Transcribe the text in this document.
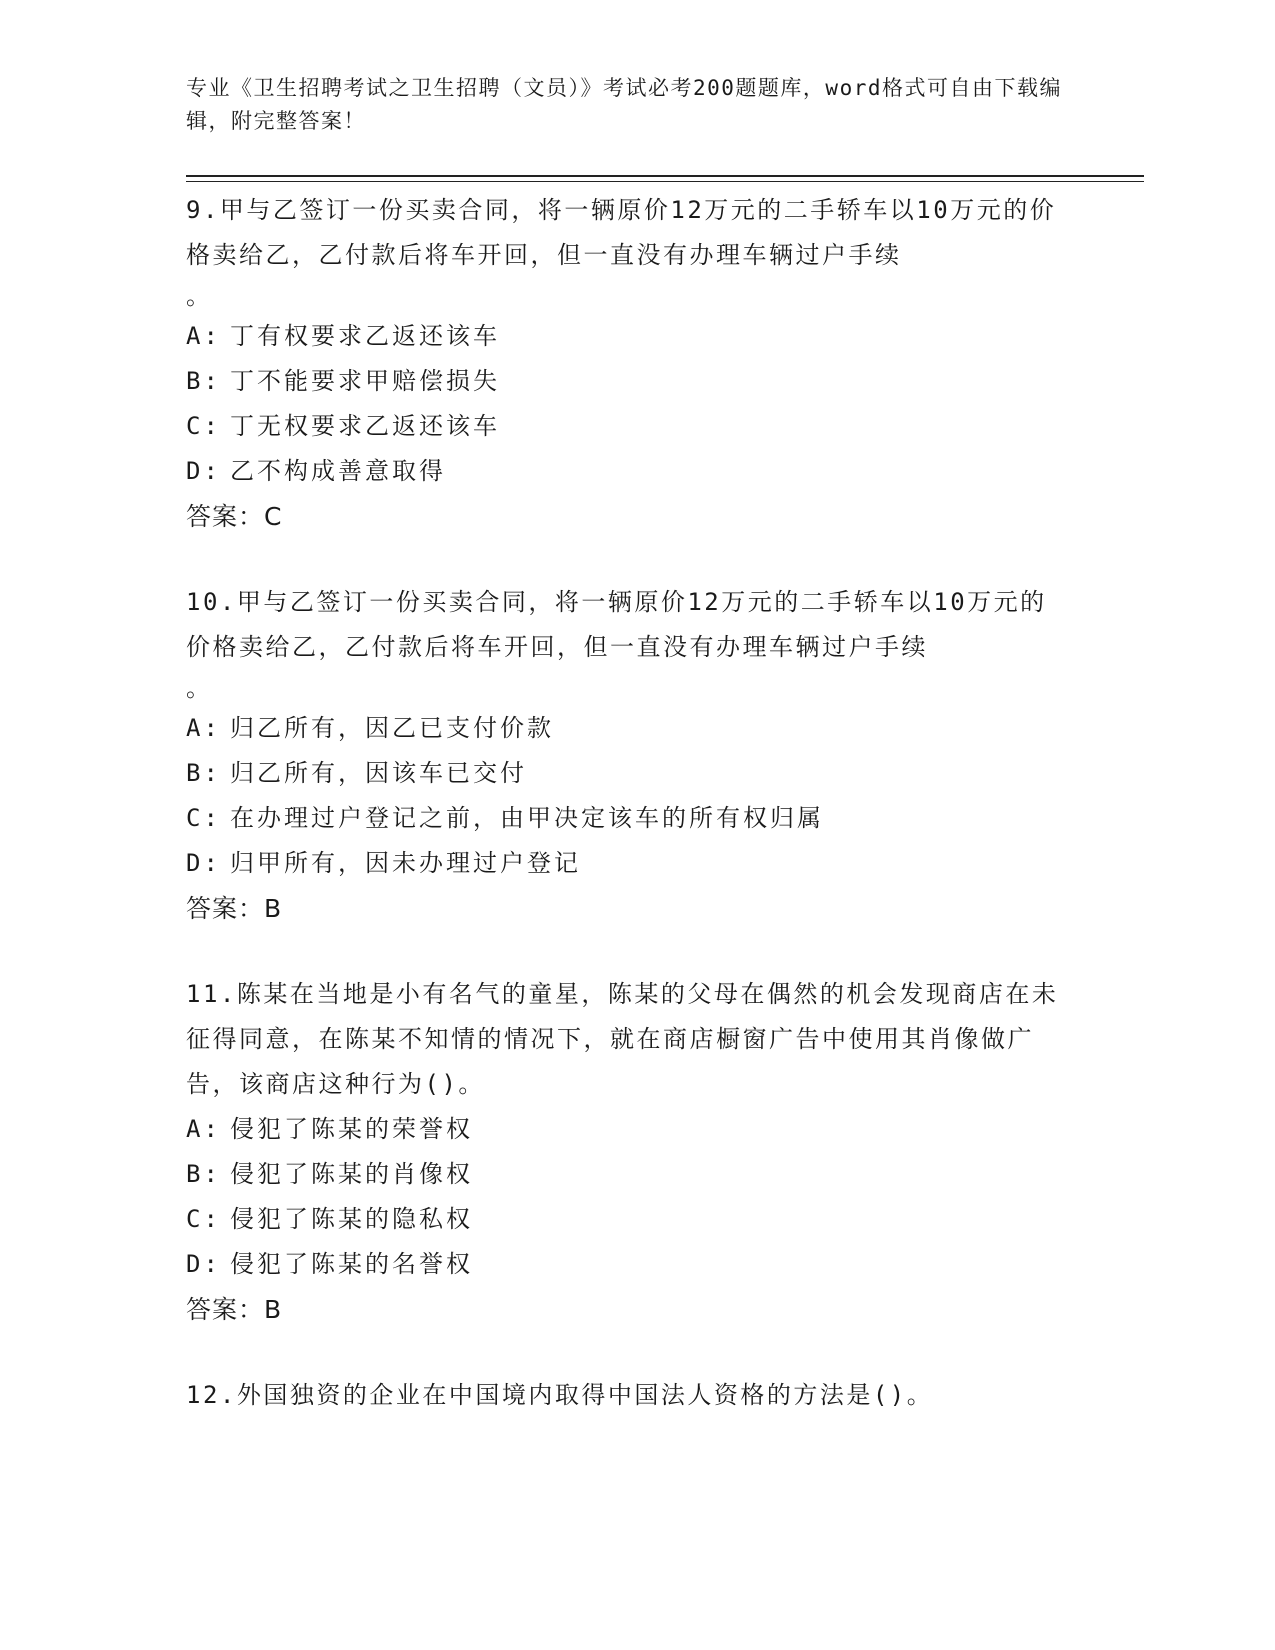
专业《卫生招聘考试之卫生招聘（文员）》考试必考200题题库，word格式可自由下载编辑，附完整答案！

9.甲与乙签订一份买卖合同，将一辆原价12万元的二手轿车以10万元的价格卖给乙，乙付款后将车开回，但一直没有办理车辆过户手续

。

A: 丁有权要求乙返还该车

B: 丁不能要求甲赔偿损失

C: 丁无权要求乙返还该车

D: 乙不构成善意取得

答案：C

10.甲与乙签订一份买卖合同，将一辆原价12万元的二手轿车以10万元的价格卖给乙，乙付款后将车开回，但一直没有办理车辆过户手续

。

A: 归乙所有，因乙已支付价款

B: 归乙所有，因该车已交付

C: 在办理过户登记之前，由甲决定该车的所有权归属

D: 归甲所有，因未办理过户登记

答案：B

11.陈某在当地是小有名气的童星，陈某的父母在偶然的机会发现商店在未征得同意，在陈某不知情的情况下，就在商店橱窗广告中使用其肖像做广告，该商店这种行为()。

A: 侵犯了陈某的荣誉权

B: 侵犯了陈某的肖像权

C: 侵犯了陈某的隐私权

D: 侵犯了陈某的名誉权

答案：B

12.外国独资的企业在中国境内取得中国法人资格的方法是()。
